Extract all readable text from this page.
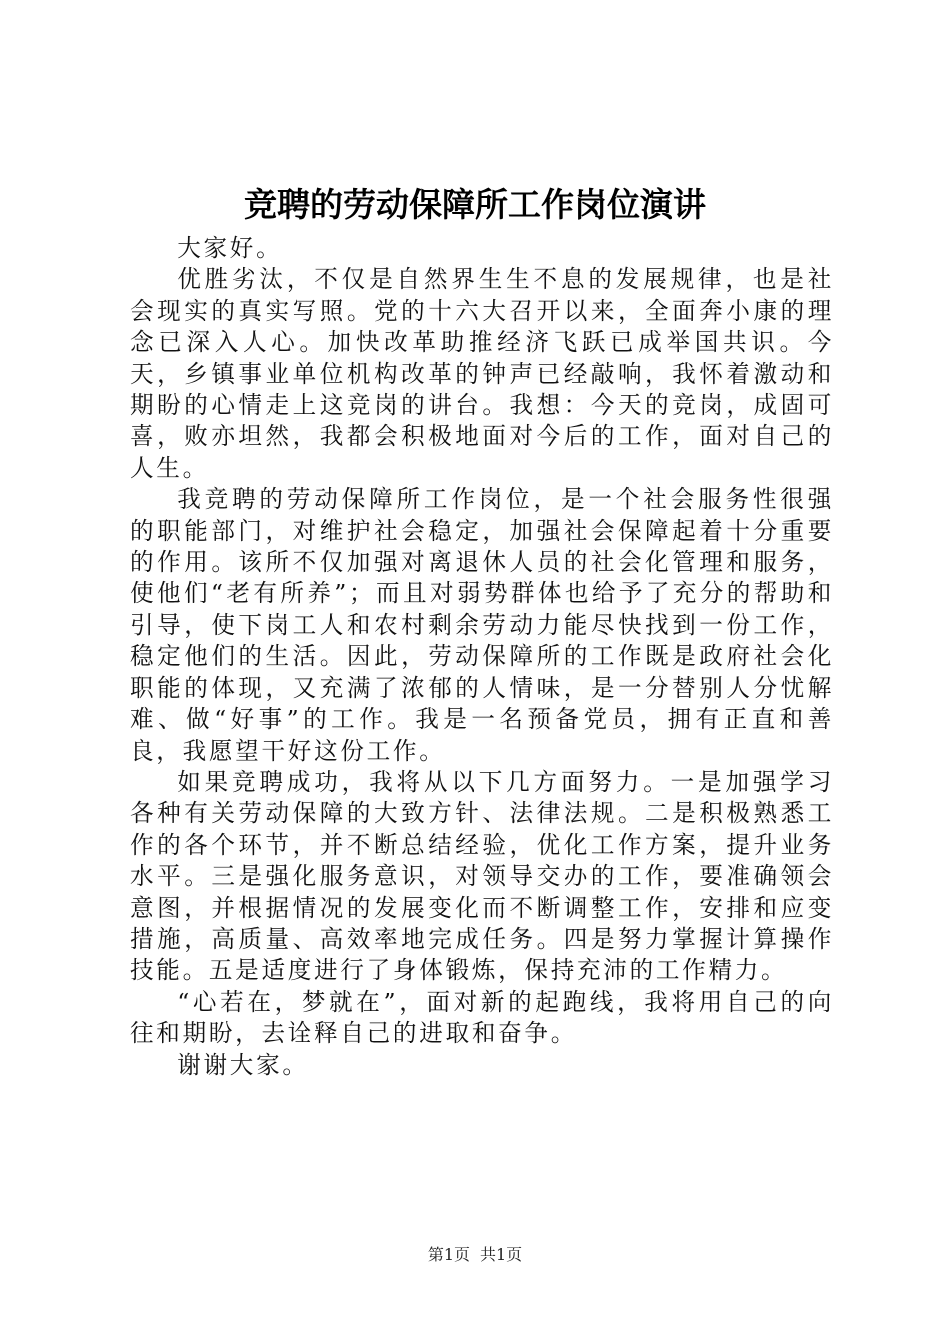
竞聘的劳动保障所工作岗位演讲

大家好。

优胜劣汰，不仅是自然界生生不息的发展规律，也是社会现实的真实写照。党的十六大召开以来，全面奔小康的理念已深入人心。加快改革助推经济飞跃已成举国共识。今天，乡镇事业单位机构改革的钟声已经敲响，我怀着激动和期盼的心情走上这竞岗的讲台。我想：今天的竞岗，成固可喜，败亦坦然，我都会积极地面对今后的工作，面对自己的人生。

我竞聘的劳动保障所工作岗位，是一个社会服务性很强的职能部门，对维护社会稳定，加强社会保障起着十分重要的作用。该所不仅加强对离退休人员的社会化管理和服务，使他们“老有所养”；而且对弱势群体也给予了充分的帮助和引导，使下岗工人和农村剩余劳动力能尽快找到一份工作，稳定他们的生活。因此，劳动保障所的工作既是政府社会化职能的体现，又充满了浓郁的人情味，是一分替别人分忧解难、做“好事”的工作。我是一名预备党员，拥有正直和善良，我愿望干好这份工作。

如果竞聘成功，我将从以下几方面努力。一是加强学习各种有关劳动保障的大致方针、法律法规。二是积极熟悉工作的各个环节，并不断总结经验，优化工作方案，提升业务水平。三是强化服务意识，对领导交办的工作，要准确领会意图，并根据情况的发展变化而不断调整工作，安排和应变措施，高质量、高效率地完成任务。四是努力掌握计算操作技能。五是适度进行了身体锻炼，保持充沛的工作精力。

“心若在，梦就在”，面对新的起跑线，我将用自己的向往和期盼，去诠释自己的进取和奋争。

谢谢大家。

第1页 共1页
